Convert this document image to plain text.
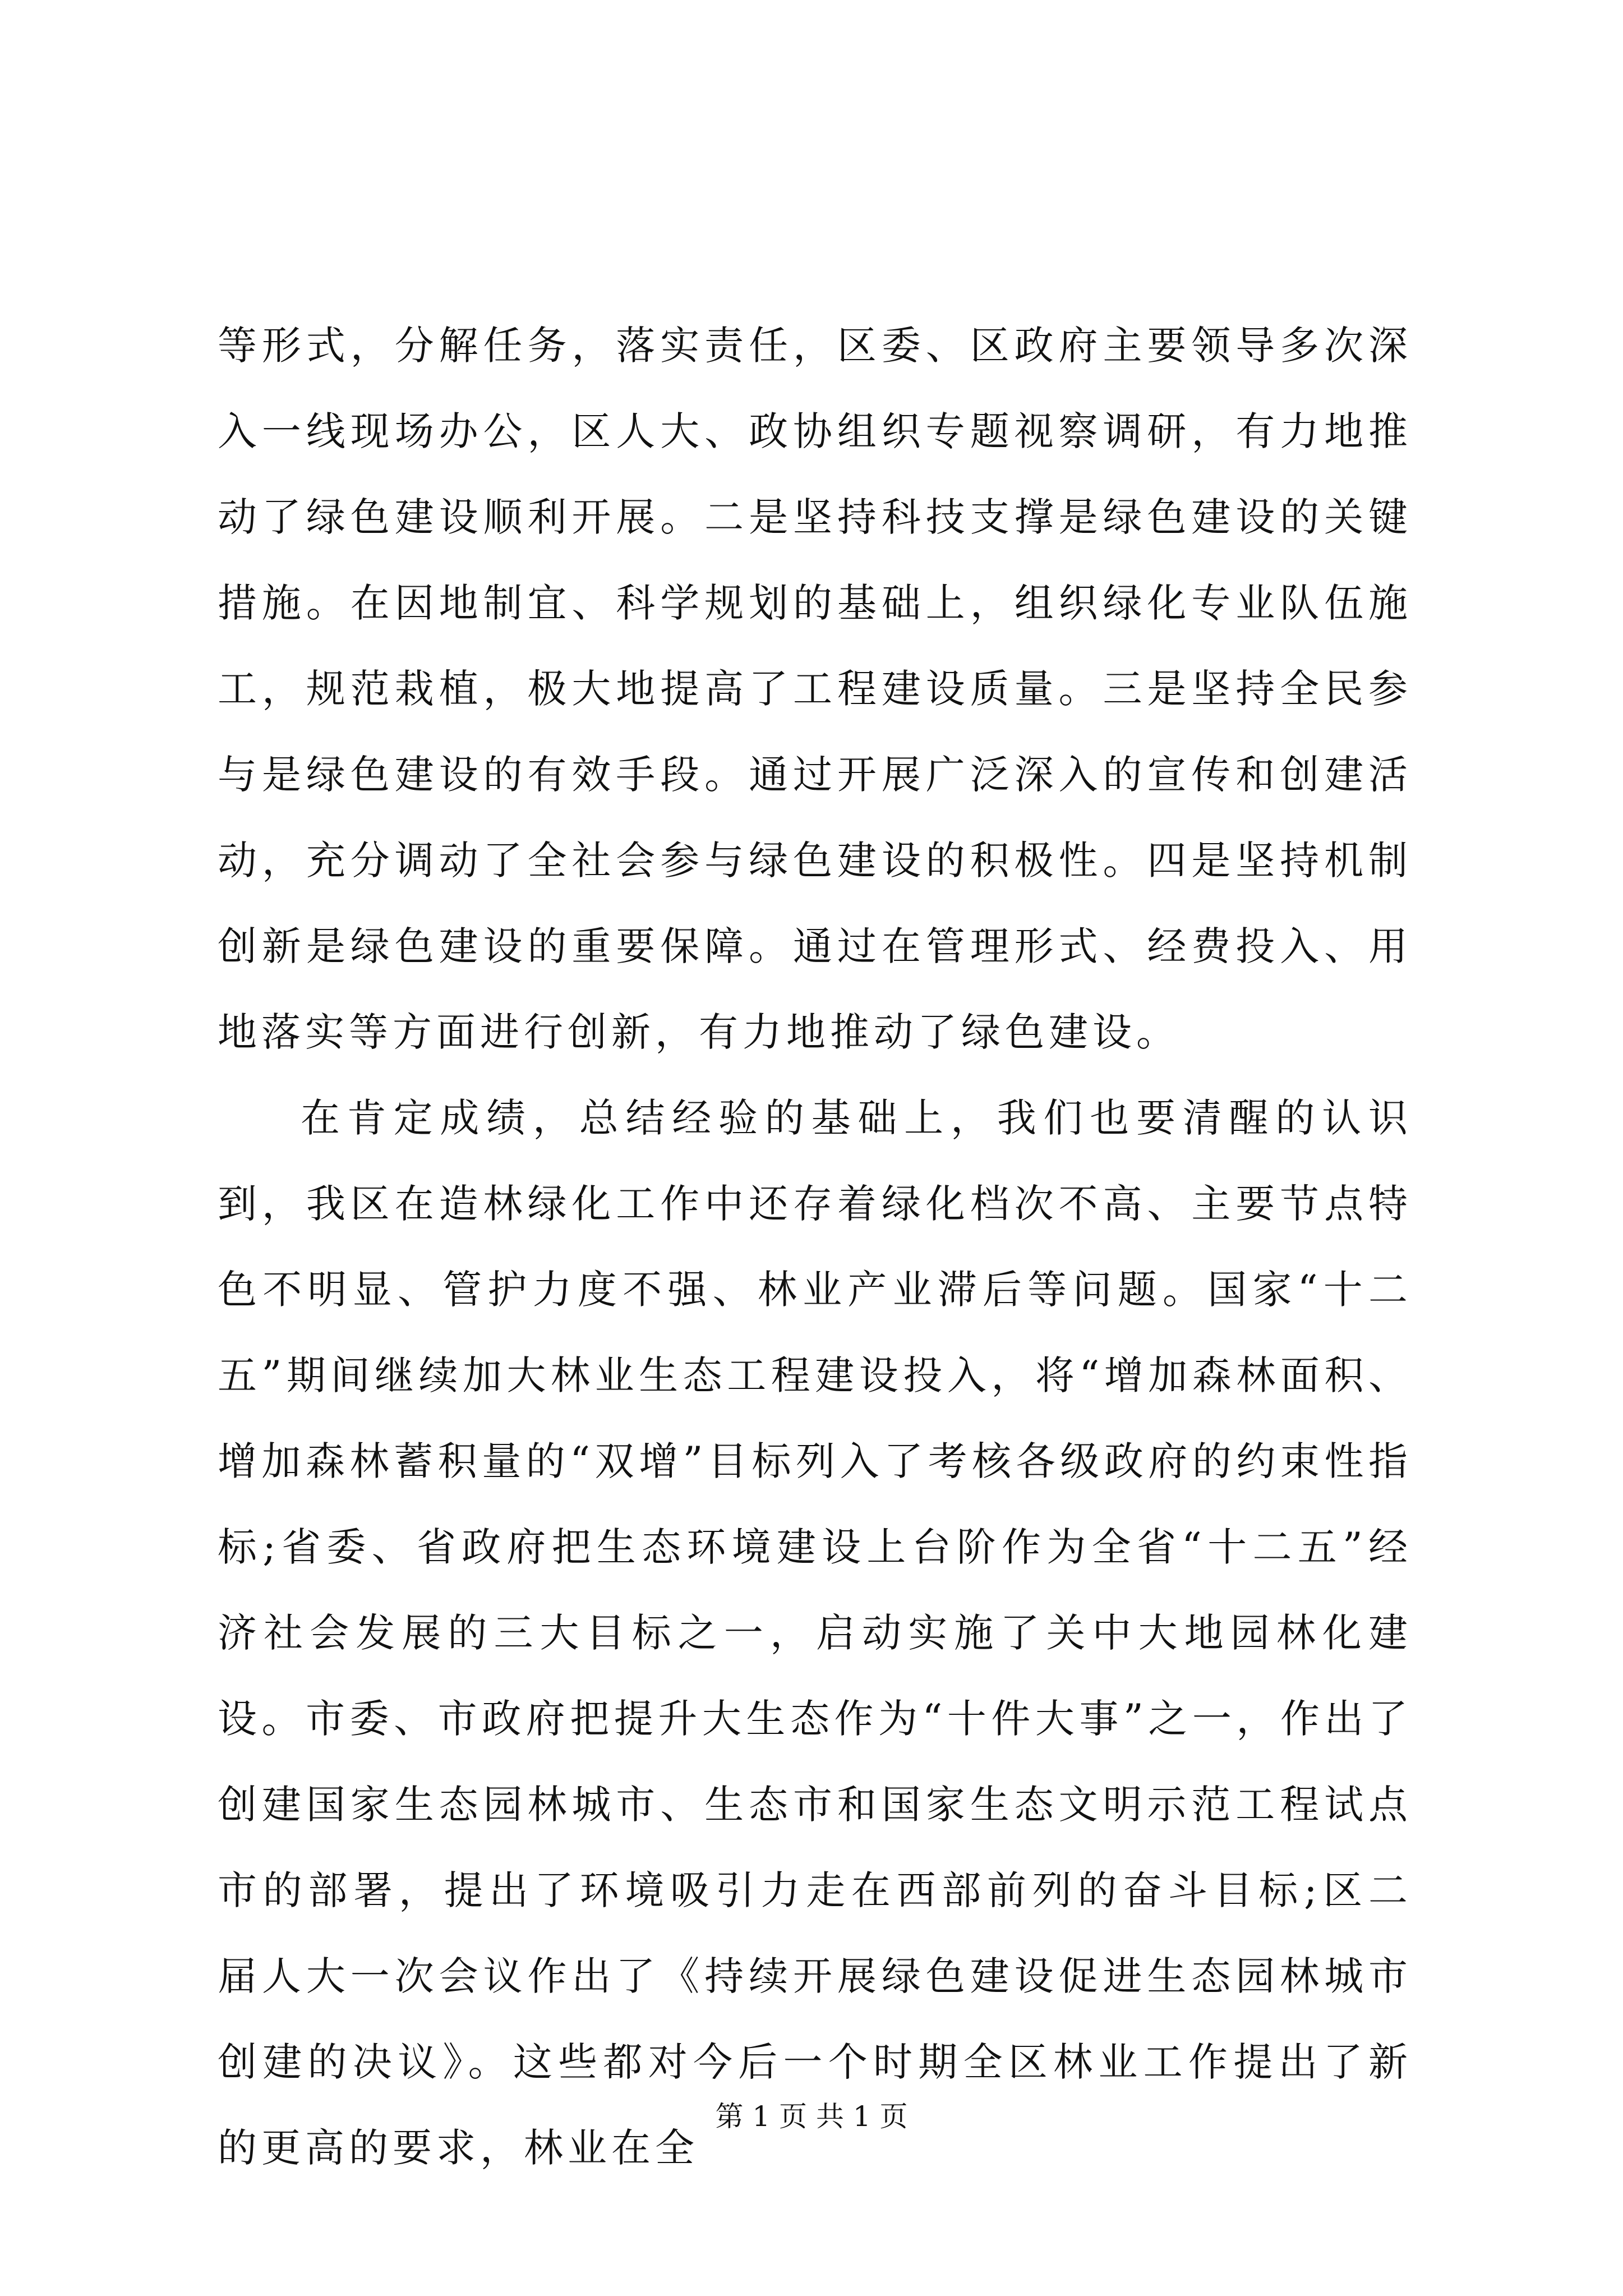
等形式，分解任务，落实责任，区委、区政府主要领导多次深入一线现场办公，区人大、政协组织专题视察调研，有力地推动了绿色建设顺利开展。二是坚持科技支撑是绿色建设的关键措施。在因地制宜、科学规划的基础上，组织绿化专业队伍施工，规范栽植，极大地提高了工程建设质量。三是坚持全民参与是绿色建设的有效手段。通过开展广泛深入的宣传和创建活动，充分调动了全社会参与绿色建设的积极性。四是坚持机制创新是绿色建设的重要保障。通过在管理形式、经费投入、用地落实等方面进行创新，有力地推动了绿色建设。

在肯定成绩，总结经验的基础上，我们也要清醒的认识到，我区在造林绿化工作中还存着绿化档次不高、主要节点特色不明显、管护力度不强、林业产业滞后等问题。国家“十二五”期间继续加大林业生态工程建设投入，将“增加森林面积、增加森林蓄积量的“双增”目标列入了考核各级政府的约束性指标;省委、省政府把生态环境建设上台阶作为全省“十二五”经济社会发展的三大目标之一，启动实施了关中大地园林化建设。市委、市政府把提升大生态作为“十件大事”之一，作出了创建国家生态园林城市、生态市和国家生态文明示范工程试点市的部署，提出了环境吸引力走在西部前列的奋斗目标;区二届人大一次会议作出了《持续开展绿色建设促进生态园林城市创建的决议》。这些都对今后一个时期全区林业工作提出了新的更高的要求，林业在全

第 1 页 共 1 页
